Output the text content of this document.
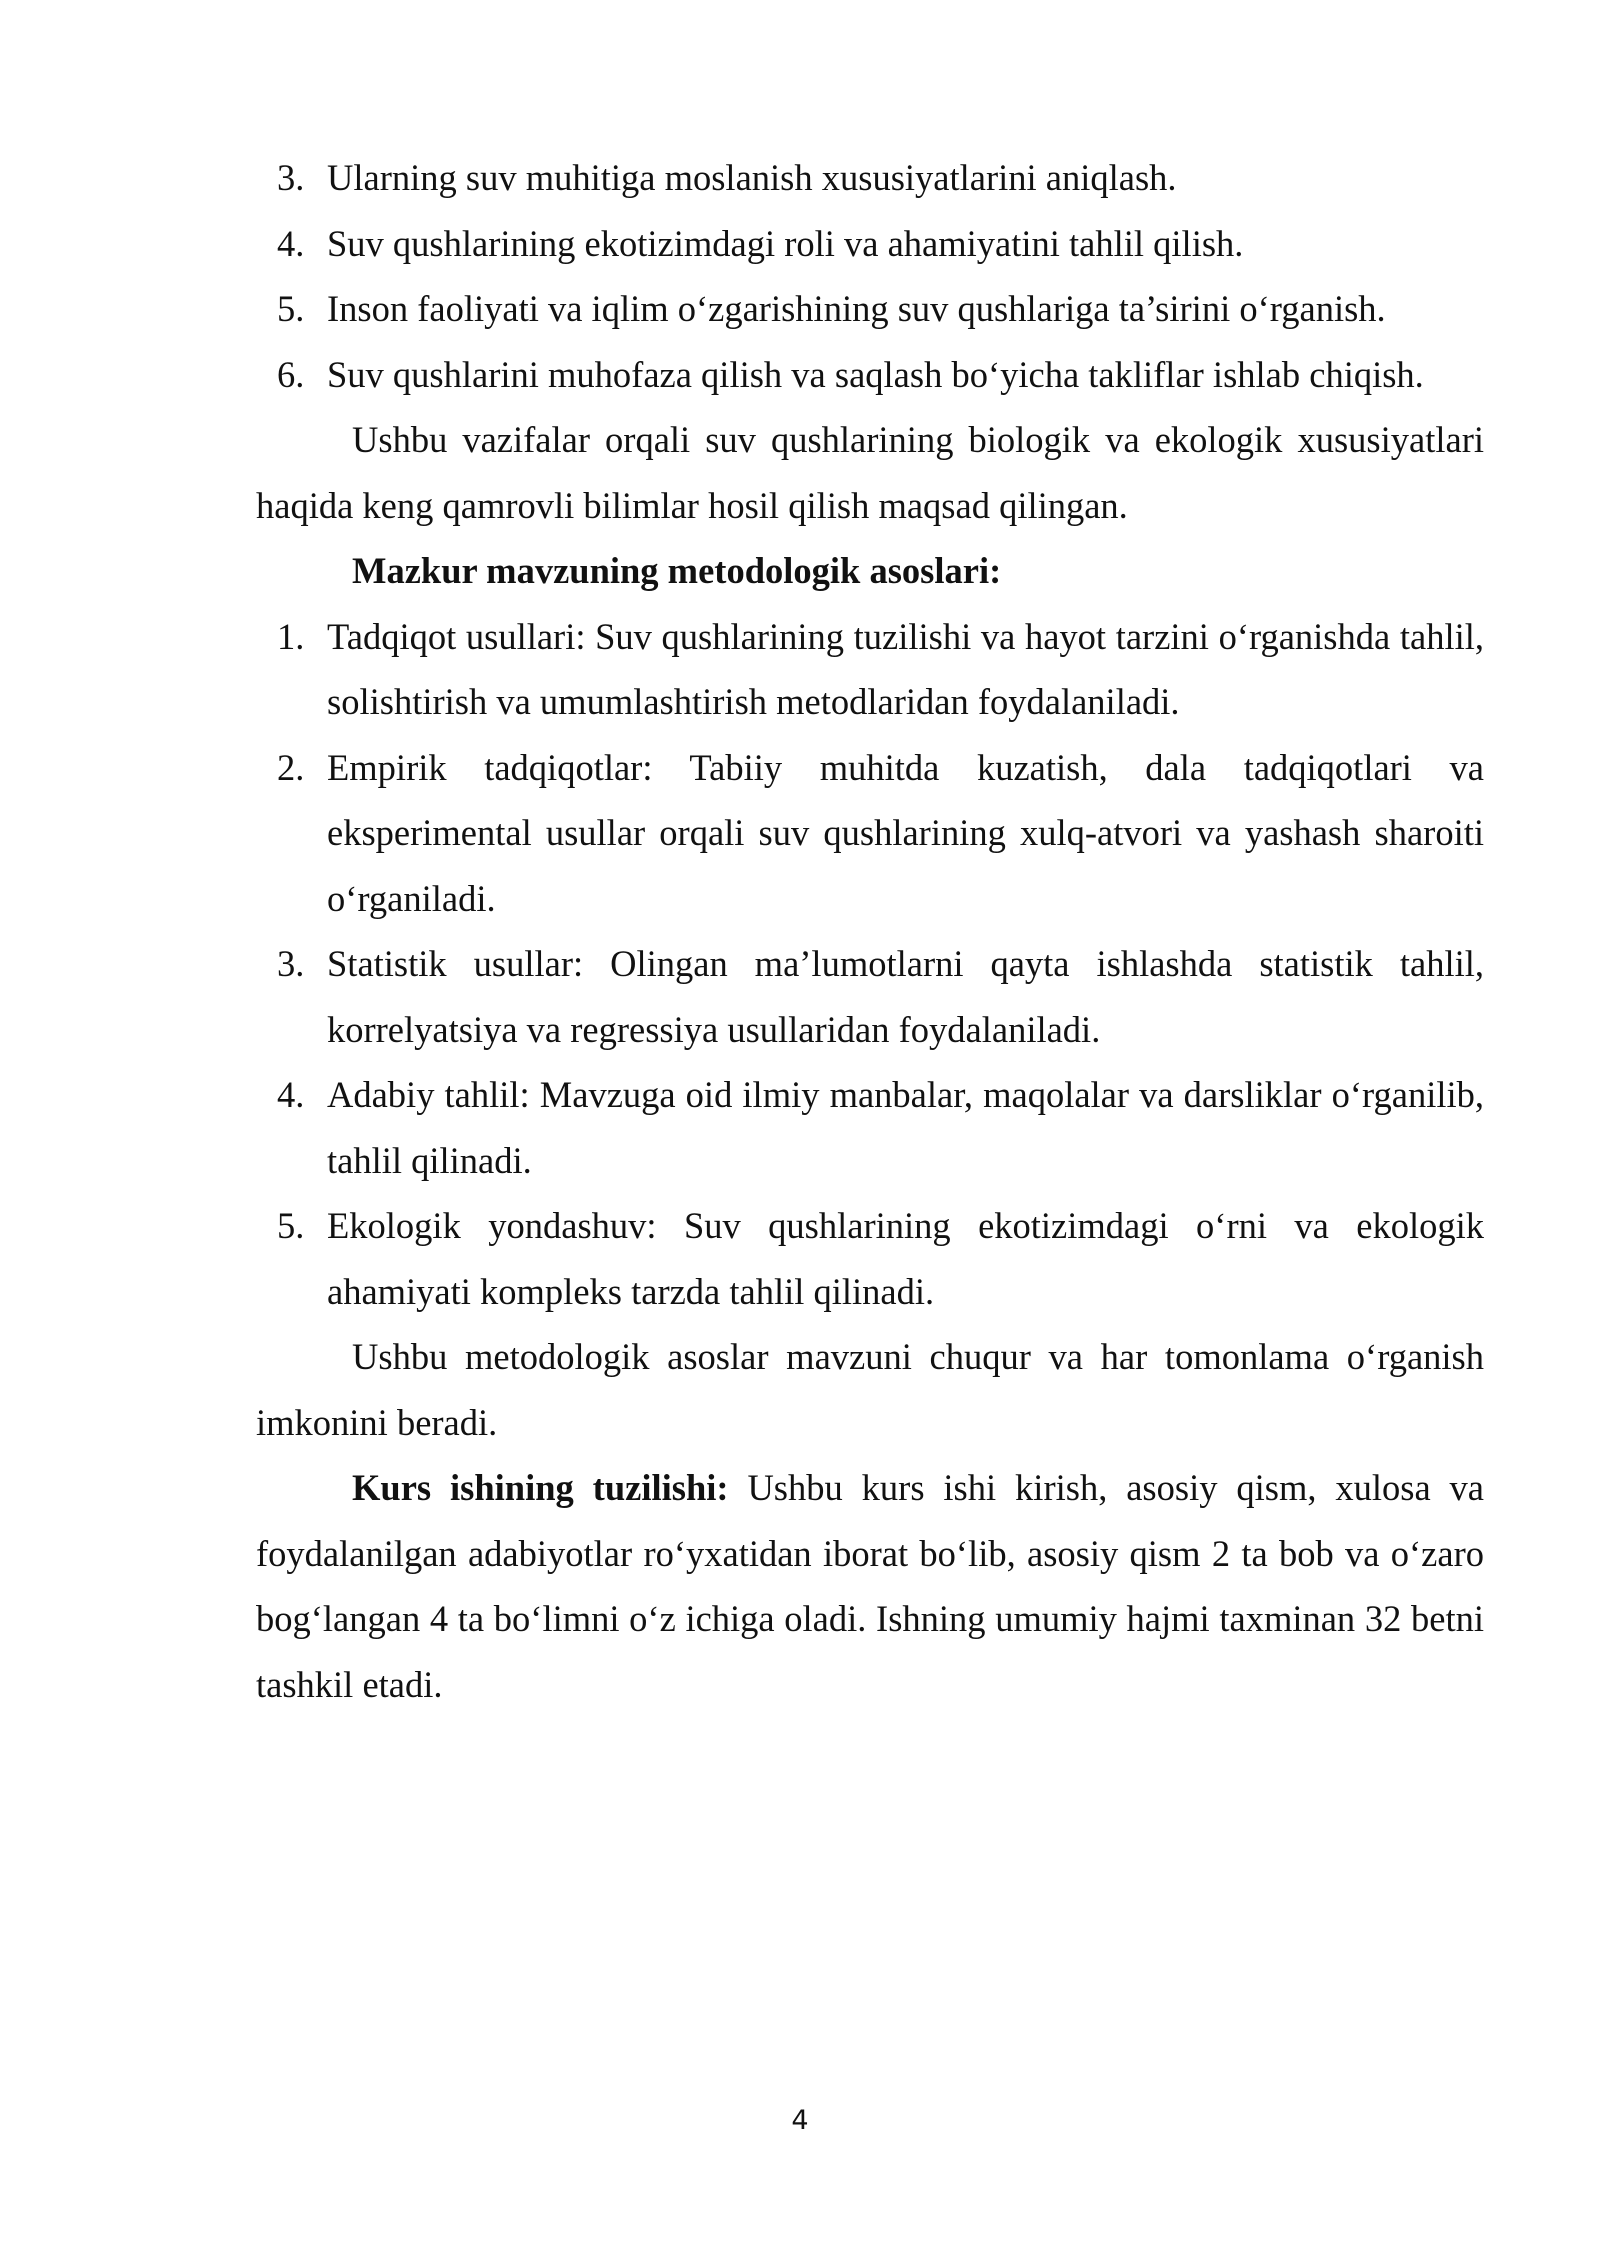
3. Ularning suv muhitiga moslanish xususiyatlarini aniqlash.
4. Suv qushlarining ekotizimdagi roli va ahamiyatini tahlil qilish.
5. Inson faoliyati va iqlim o‘zgarishining suv qushlariga ta’sirini o‘rganish.
6. Suv qushlarini muhofaza qilish va saqlash bo‘yicha takliflar ishlab chiqish.

Ushbu vazifalar orqali suv qushlarining biologik va ekologik xususiyatlari haqida keng qamrovli bilimlar hosil qilish maqsad qilingan.

Mazkur mavzuning metodologik asoslari:

1. Tadqiqot usullari: Suv qushlarining tuzilishi va hayot tarzini o‘rganishda tahlil, solishtirish va umumlashtirish metodlaridan foydalaniladi.
2. Empirik tadqiqotlar: Tabiiy muhitda kuzatish, dala tadqiqotlari va eksperimental usullar orqali suv qushlarining xulq-atvori va yashash sharoiti o‘rganiladi.
3. Statistik usullar: Olingan ma’lumotlarni qayta ishlashda statistik tahlil, korrelyatsiya va regressiya usullaridan foydalaniladi.
4. Adabiy tahlil: Mavzuga oid ilmiy manbalar, maqolalar va darsliklar o‘rganilib, tahlil qilinadi.
5. Ekologik yondashuv: Suv qushlarining ekotizimdagi o‘rni va ekologik ahamiyati kompleks tarzda tahlil qilinadi.

Ushbu metodologik asoslar mavzuni chuqur va har tomonlama o‘rganish imkonini beradi.

Kurs ishining tuzilishi: Ushbu kurs ishi kirish, asosiy qism, xulosa va foydalanilgan adabiyotlar ro‘yxatidan iborat bo‘lib, asosiy qism 2 ta bob va o‘zaro bog‘langan 4 ta bo‘limni o‘z ichiga oladi. Ishning umumiy hajmi taxminan 32 betni tashkil etadi.

4
